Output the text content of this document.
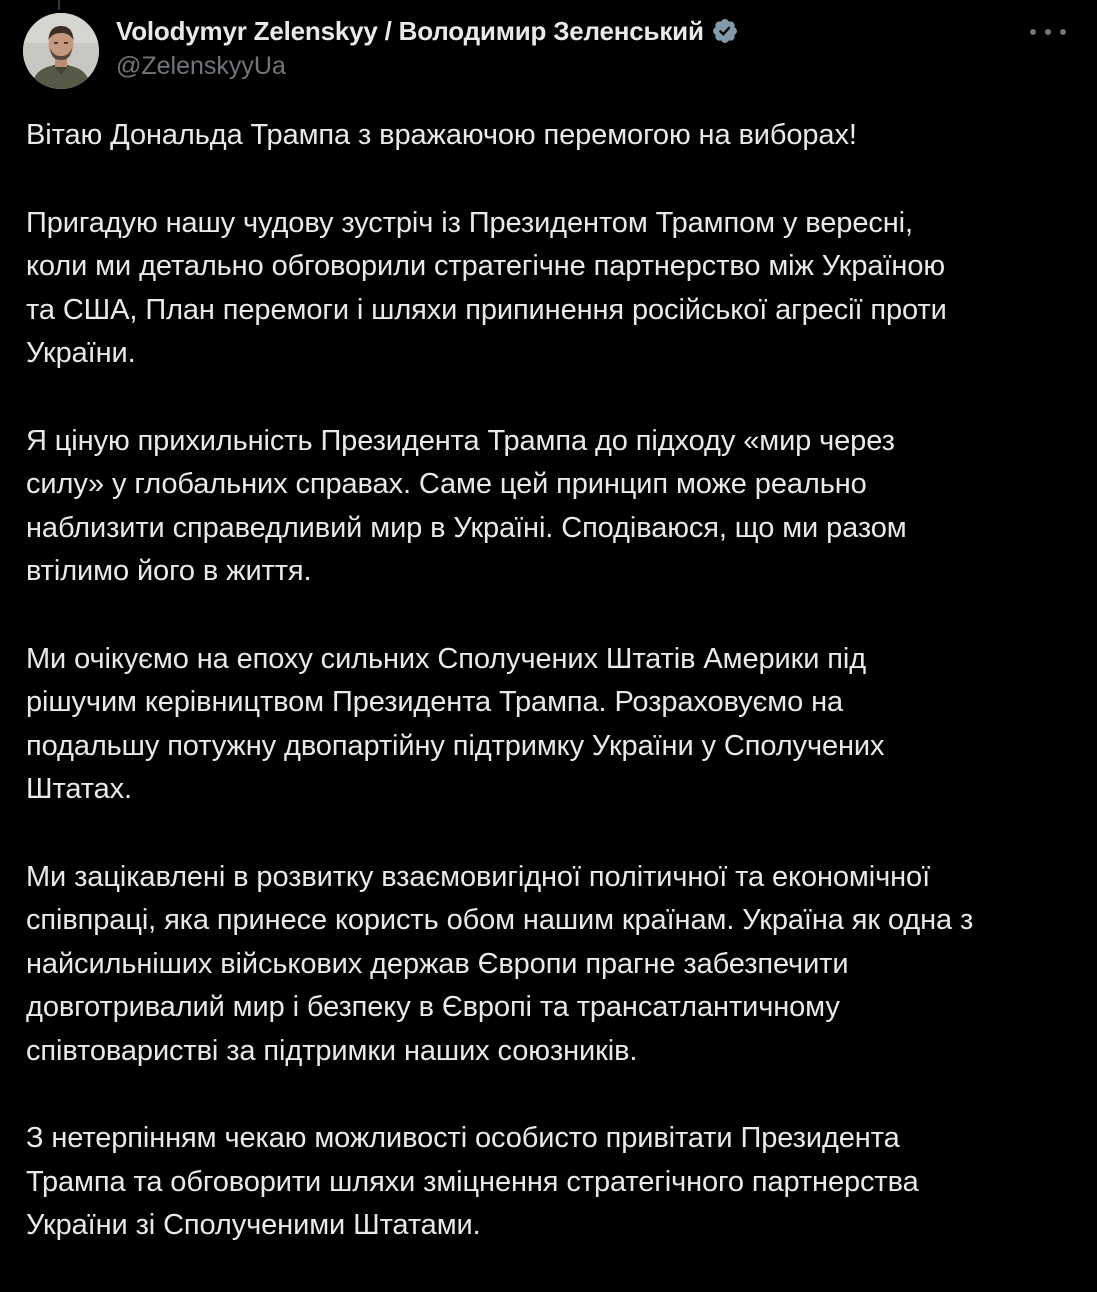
Volodymyr Zelenskyy / Володимир Зеленський
@ZelenskyyUa

Вітаю Дональда Трампа з вражаючою перемогою на виборах!

Пригадую нашу чудову зустріч із Президентом Трампом у вересні,
коли ми детально обговорили стратегічне партнерство між Україною
та США, План перемоги і шляхи припинення російської агресії проти
України.

Я ціную прихильність Президента Трампа до підходу «мир через
силу» у глобальних справах. Саме цей принцип може реально
наблизити справедливий мир в Україні. Сподіваюся, що ми разом
втілимо його в життя.

Ми очікуємо на епоху сильних Сполучених Штатів Америки під
рішучим керівництвом Президента Трампа. Розраховуємо на
подальшу потужну двопартійну підтримку України у Сполучених
Штатах.

Ми зацікавлені в розвитку взаємовигідної політичної та економічної
співпраці, яка принесе користь обом нашим країнам. Україна як одна з
найсильніших військових держав Європи прагне забезпечити
довготривалий мир і безпеку в Європі та трансатлантичному
співтоваристві за підтримки наших союзників.

З нетерпінням чекаю можливості особисто привітати Президента
Трампа та обговорити шляхи зміцнення стратегічного партнерства
України зі Сполученими Штатами.
